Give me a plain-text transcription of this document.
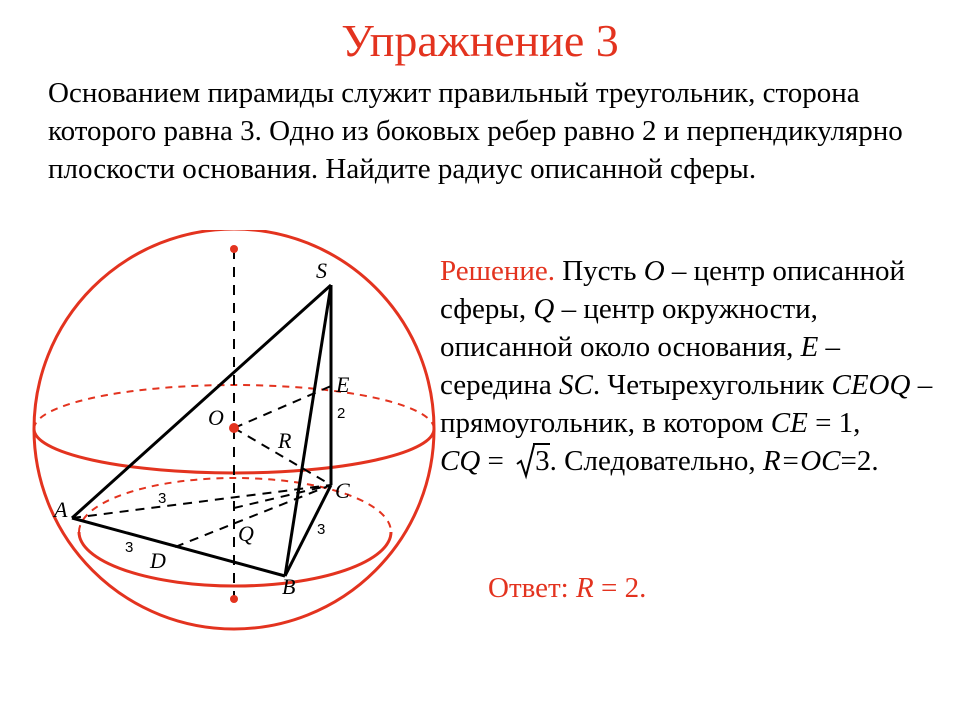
Упражнение 3
Основанием пирамиды служит правильный треугольник, сторона которого равна 3. Одно из боковых ребер равно 2 и перпендикулярно плоскости основания. Найдите радиус описанной сферы.
Решение. Пусть O – центр описанной сферы, Q – центр окружности, описанной около основания, E – середина SC. Четырехугольник CEOQ – прямоугольник, в котором CE = 1,
CQ =
3. Следовательно, R=OC=2.
Ответ: R = 2.
S
E
2
O
R
C
3
A
Q	3
3
D
B
